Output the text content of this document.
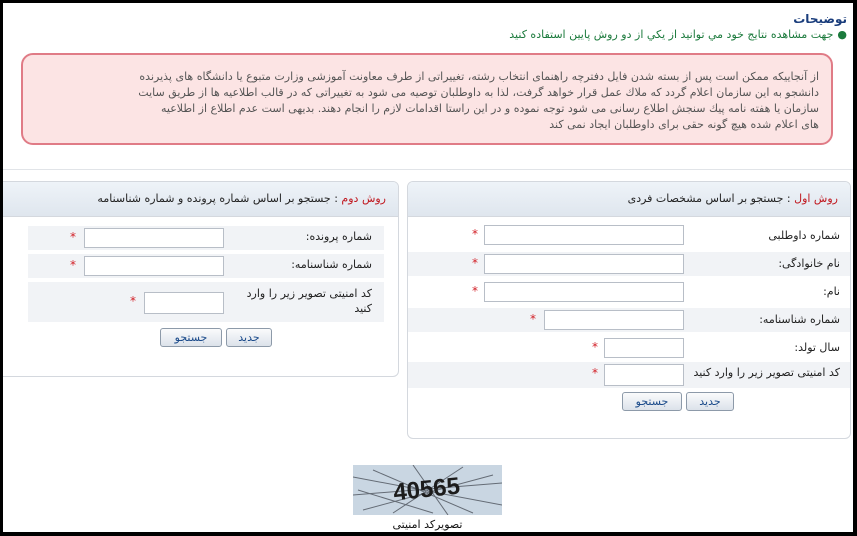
توضیحات
●جهت مشاهده نتايج خود مي توانيد از يكي از دو روش پايين استفاده كنيد
از آنجاییکه ممکن است پس از بسته شدن فایل دفترچه راهنمای انتخاب رشته، تغییراتی از طرف معاونت آموزشی وزارت متبوع یا دانشگاه های پذیرنده
دانشجو به این سازمان اعلام گردد که ملاك عمل قرار خواهد گرفت، لذا به داوطلبان توصیه می شود به تغییراتی که در قالب اطلاعیه ها از طریق سایت
سازمان یا هفته نامه پیك سنجش اطلاع رسانی می شود توجه نموده و در این راستا اقدامات لازم را انجام دهند. بدیهی است عدم اطلاع از اطلاعیه
های اعلام شده هیچ گونه حقی برای داوطلبان ایجاد نمی کند
روش اول : جستجو بر اساس مشخصات فردی
شماره داوطلبی
*
نام خانوادگی:
*
نام:
*
شماره شناسنامه:
*
سال تولد:
*
کد امنیتی تصویر زیر را وارد کنید
*
جستجو	جدید
روش دوم : جستجو بر اساس شماره پرونده و شماره شناسنامه
شماره پرونده:
*
شماره شناسنامه:
*
کد امنیتی تصویر زیر را وارد کنید
*
جستجو	جدید
40565
تصویرکد امنیتی
